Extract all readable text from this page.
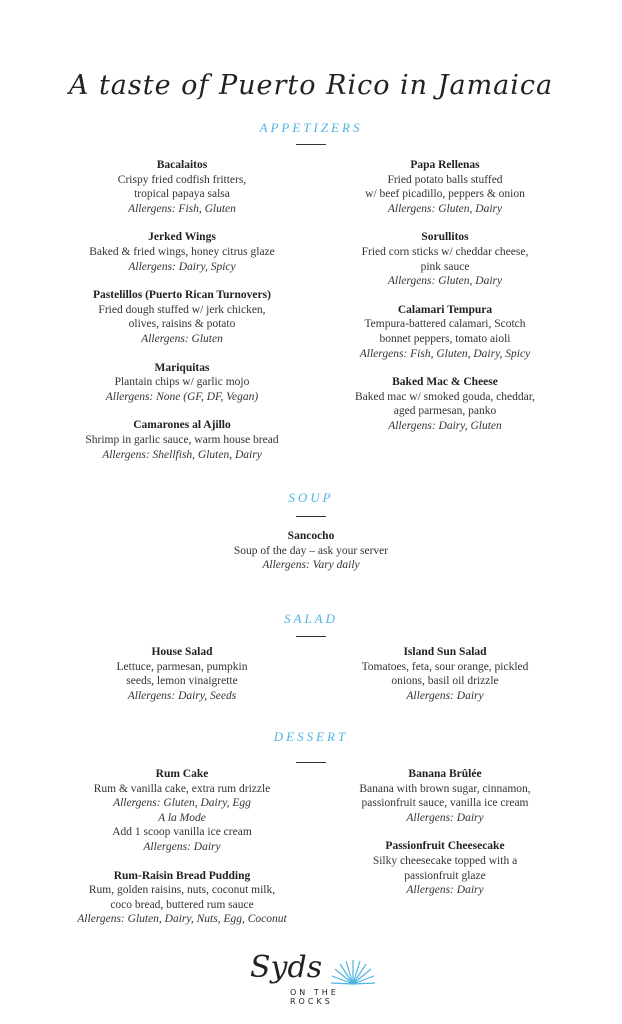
A taste of Puerto Rico in Jamaica
APPETIZERS
Bacalaitos
Crispy fried codfish fritters,
tropical papaya salsa
Allergens: Fish, Gluten
Jerked Wings
Baked & fried wings, honey citrus glaze
Allergens: Dairy, Spicy
Pastelillos (Puerto Rican Turnovers)
Fried dough stuffed w/ jerk chicken,
olives, raisins & potato
Allergens: Gluten
Mariquitas
Plantain chips w/ garlic mojo
Allergens: None (GF, DF, Vegan)
Camarones al Ajillo
Shrimp in garlic sauce, warm house bread
Allergens: Shellfish, Gluten, Dairy
Papa Rellenas
Fried potato balls stuffed
w/ beef picadillo, peppers & onion
Allergens: Gluten, Dairy
Sorullitos
Fried corn sticks w/ cheddar cheese,
pink sauce
Allergens: Gluten, Dairy
Calamari Tempura
Tempura-battered calamari, Scotch
bonnet peppers, tomato aioli
Allergens: Fish, Gluten, Dairy, Spicy
Baked Mac & Cheese
Baked mac w/ smoked gouda, cheddar,
aged parmesan, panko
Allergens: Dairy, Gluten
SOUP
Sancocho
Soup of the day – ask your server
Allergens: Vary daily
SALAD
House Salad
Lettuce, parmesan, pumpkin
seeds, lemon vinaigrette
Allergens: Dairy, Seeds
Island Sun Salad
Tomatoes, feta, sour orange, pickled
onions, basil oil drizzle
Allergens: Dairy
DESSERT
Rum Cake
Rum & vanilla cake, extra rum drizzle
Allergens: Gluten, Dairy, Egg
A la Mode
Add 1 scoop vanilla ice cream
Allergens: Dairy
Rum-Raisin Bread Pudding
Rum, golden raisins, nuts, coconut milk,
coco bread, buttered rum sauce
Allergens: Gluten, Dairy, Nuts, Egg, Coconut
Banana Brûlée
Banana with brown sugar, cinnamon,
passionfruit sauce, vanilla ice cream
Allergens: Dairy
Passionfruit Cheesecake
Silky cheesecake topped with a
passionfruit glaze
Allergens: Dairy
Syds
ON THE ROCKS
